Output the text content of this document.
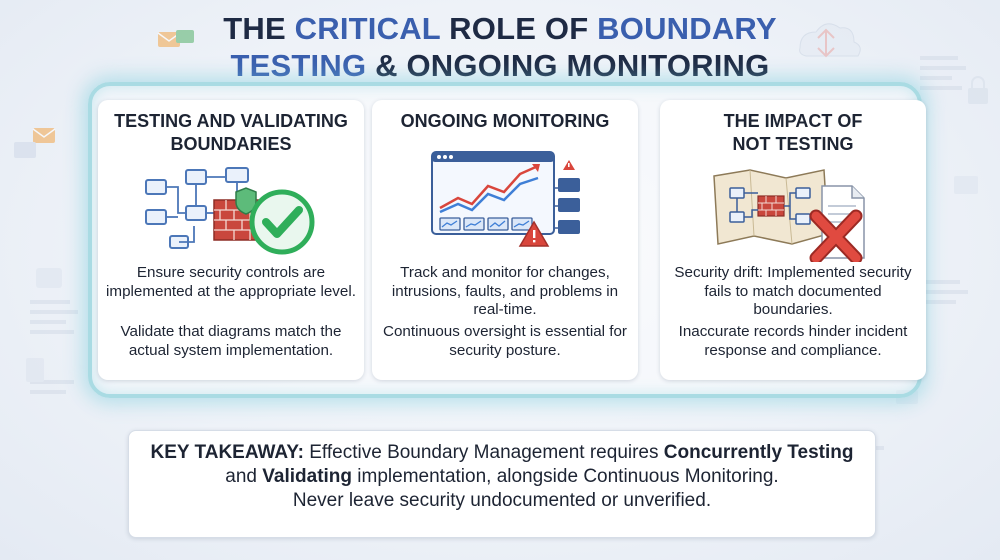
THE CRITICAL ROLE OF BOUNDARY
TESTING & ONGOING MONITORING
TESTING AND VALIDATING
BOUNDARIES
Ensure security controls are implemented at the appropriate level.
Validate that diagrams match the actual system implementation.
ONGOING MONITORING
Track and monitor for changes, intrusions, faults, and problems in real-time.
Continuous oversight is essential for security posture.
THE IMPACT OF
NOT TESTING
Security drift: Implemented security fails to match documented boundaries.
Inaccurate records hinder incident response and compliance.
KEY TAKEAWAY: Effective Boundary Management requires Concurrently Testing and Validating implementation, alongside Continuous Monitoring.
Never leave security undocumented or unverified.
